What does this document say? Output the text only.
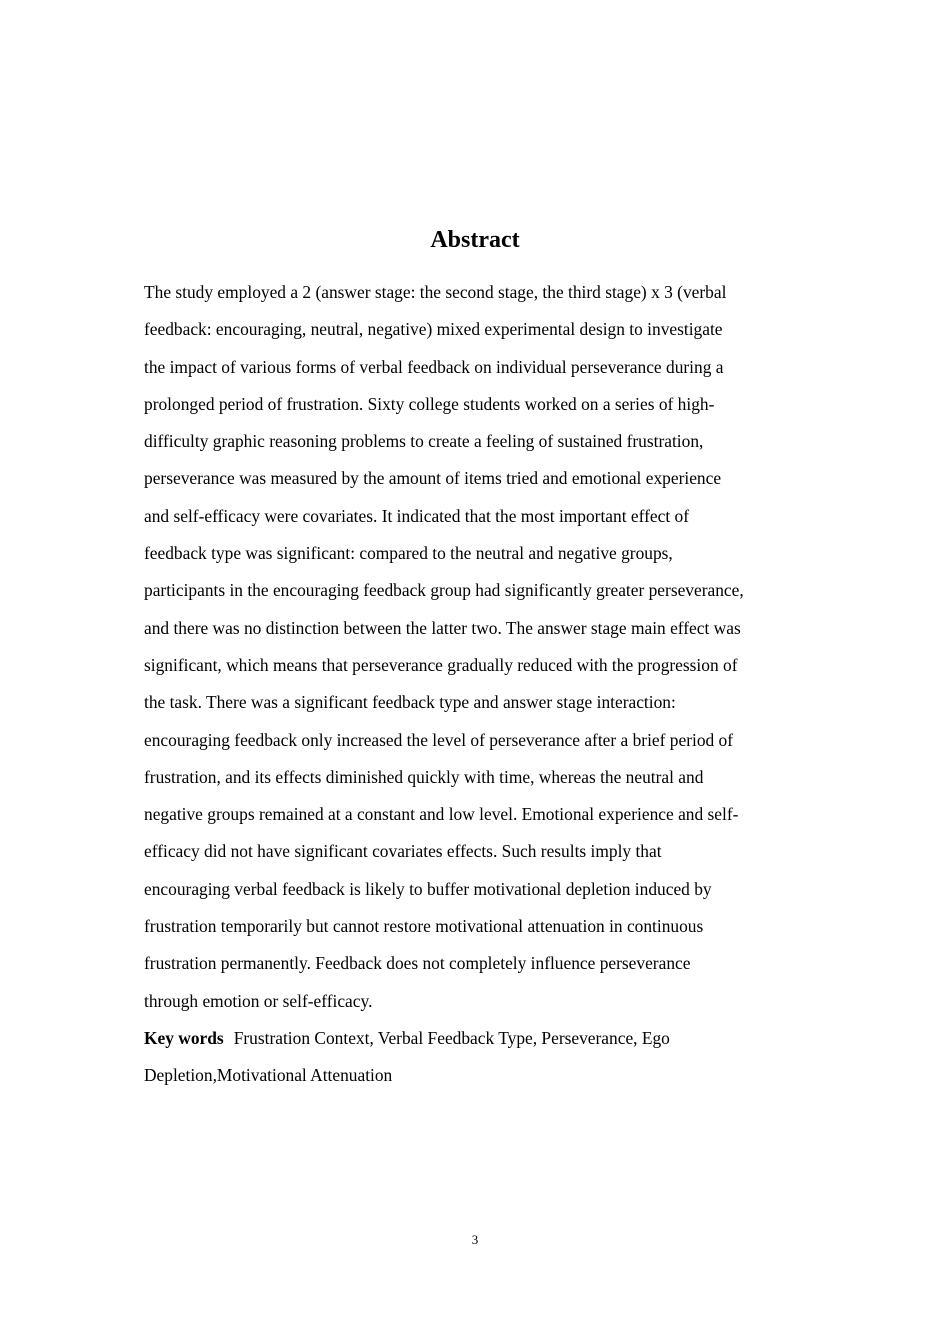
Abstract
The study employed a 2 (answer stage: the second stage, the third stage) x 3 (verbal
feedback: encouraging, neutral, negative) mixed experimental design to investigate
the impact of various forms of verbal feedback on individual perseverance during a
prolonged period of frustration. Sixty college students worked on a series of high-
difficulty graphic reasoning problems to create a feeling of sustained frustration,
perseverance was measured by the amount of items tried and emotional experience
and self-efficacy were covariates. It indicated that the most important effect of
feedback type was significant: compared to the neutral and negative groups,
participants in the encouraging feedback group had significantly greater perseverance,
and there was no distinction between the latter two. The answer stage main effect was
significant, which means that perseverance gradually reduced with the progression of
the task. There was a significant feedback type and answer stage interaction:
encouraging feedback only increased the level of perseverance after a brief period of
frustration, and its effects diminished quickly with time, whereas the neutral and
negative groups remained at a constant and low level. Emotional experience and self-
efficacy did not have significant covariates effects. Such results imply that
encouraging verbal feedback is likely to buffer motivational depletion induced by
frustration temporarily but cannot restore motivational attenuation in continuous
frustration permanently. Feedback does not completely influence perseverance
through emotion or self-efficacy.
Key words Frustration Context, Verbal Feedback Type, Perseverance, Ego
Depletion,Motivational Attenuation
3
